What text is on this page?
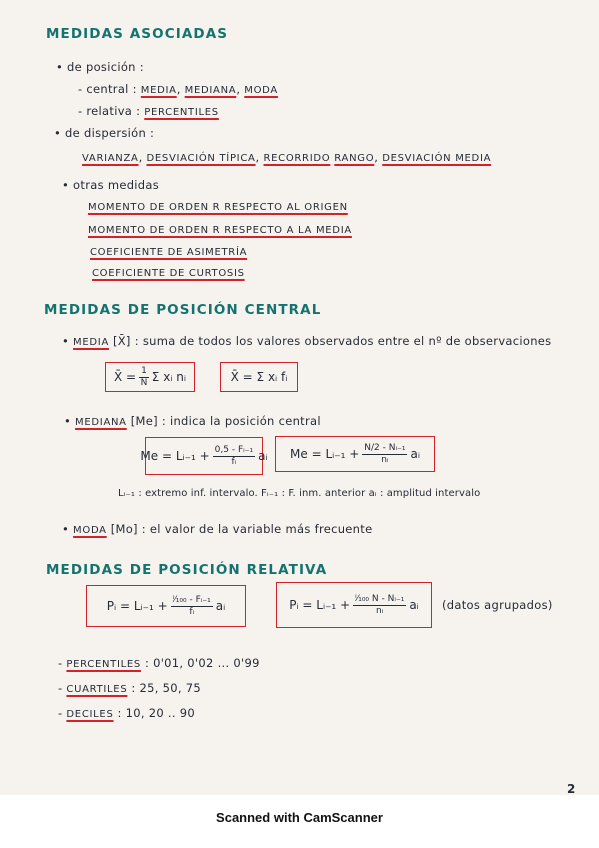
MEDIDAS ASOCIADAS
• de posición :
- central : MEDIA, MEDIANA, MODA
- relativa : PERCENTILES
• de dispersión :
VARIANZA, DESVIACIÓN TÍPICA, RECORRIDO RANGO, DESVIACIÓN MEDIA
• otras medidas
MOMENTO DE ORDEN R RESPECTO AL ORIGEN
MOMENTO DE ORDEN R RESPECTO A LA MEDIA
COEFICIENTE DE ASIMETRÍA
COEFICIENTE DE CURTOSIS
MEDIDAS DE POSICIÓN CENTRAL
• MEDIA [X̄] : suma de todos los valores observados entre el nº de observaciones
X̄ = $\frac{1}{N}$ Σ
xᵢ nᵢ	X̄ =
Σ
xᵢ fᵢ
• MEDIANA [Me] : indica la posición central
Me = Lᵢ₋₁ + $\frac{\text{0,5 - Fᵢ₋₁}}{\text{fᵢ}}$ aᵢ Me = Lᵢ₋₁ + $\frac{\text{N/2 - Nᵢ₋₁}}{\text{nᵢ}}$ aᵢ
Lᵢ₋₁ : extremo inf. intervalo. Fᵢ₋₁ : F. inm. anterior aᵢ : amplitud intervalo
• MODA [Mo] : el valor de la variable más frecuente
MEDIDAS DE POSICIÓN RELATIVA
Pᵢ = Lᵢ₋₁ + $\frac{\text{ⁱ⁄₁₀₀ - Fᵢ₋₁}}{\text{fᵢ}}$ aᵢ	Pᵢ = Lᵢ₋₁ + $\frac{\text{ⁱ⁄₁₀₀ N - Nᵢ₋₁}}{\text{nᵢ}}$ aᵢ (datos agrupados)
- PERCENTILES : 0'01, 0'02 ... 0'99
- CUARTILES : 25, 50, 75
- DECILES : 10, 20 .. 90
2
Scanned with CamScanner
